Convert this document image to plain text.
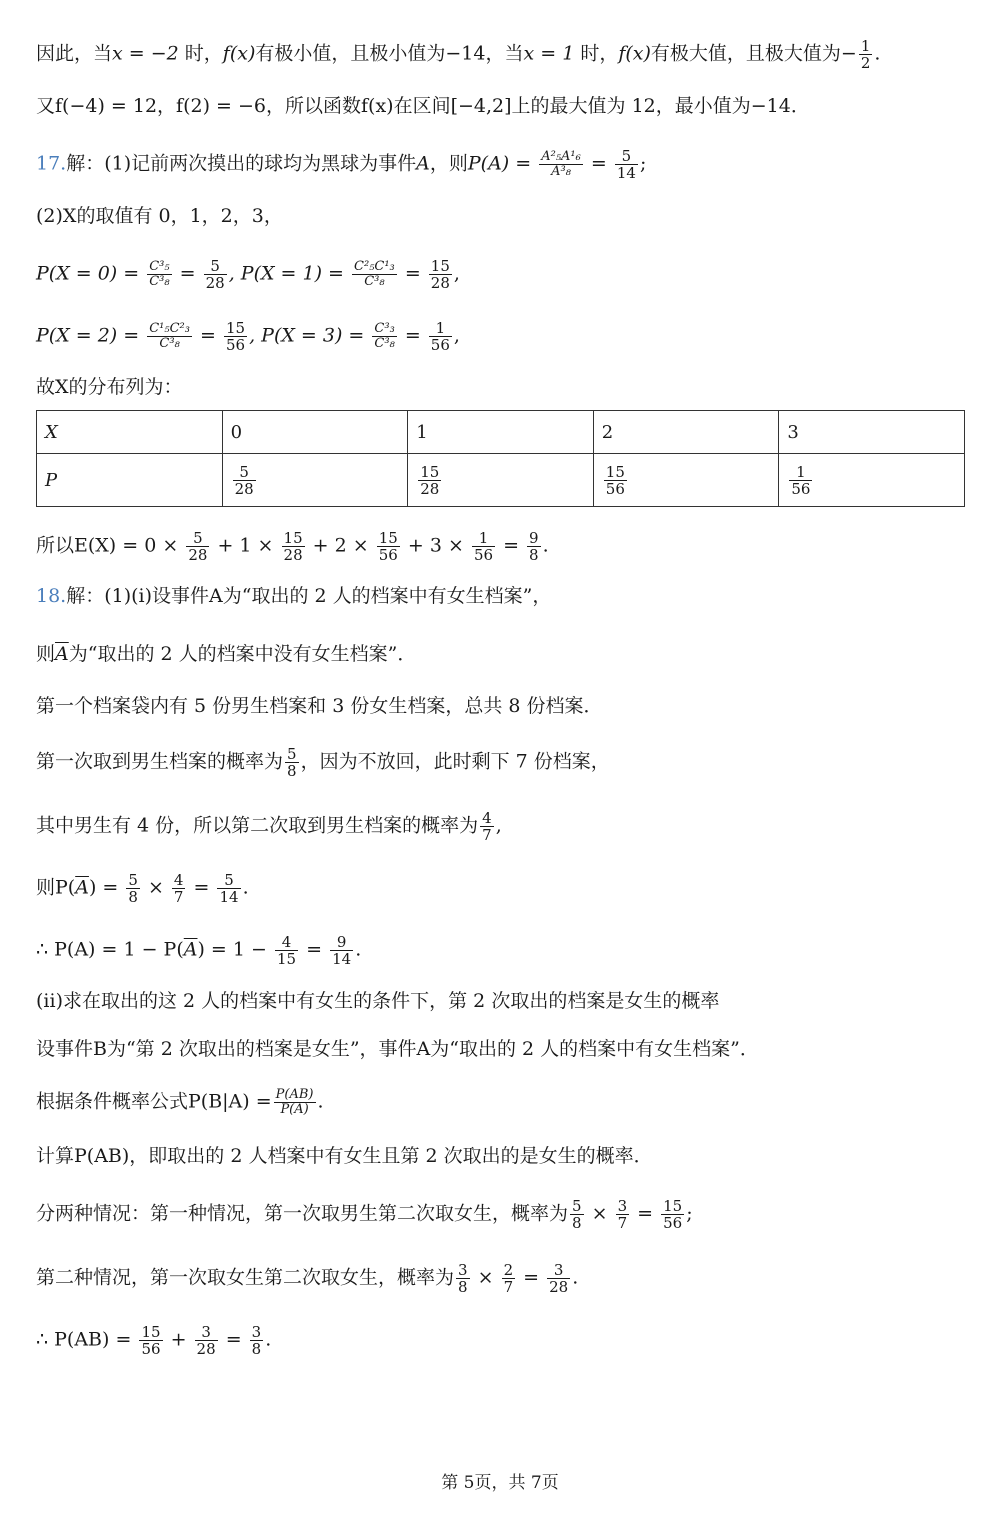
因此，当x = −2 时，f(x)有极小值，且极小值为−14，当x = 1 时，f(x)有极大值，且极大值为− $\frac{1}{2}$ .
又f(−4) = 12，f(2) = −6，所以函数f(x)在区间[−4,2]上的最大值为 12，最小值为−14．
17.解：(1)记前两次摸出的球均为黑球为事件A，则$P(A) = \frac{\text{A²₅A¹₆}}{\text{A³₈}} = \frac{5}{14}$ ;
(2)X的取值有 0，1，2，3，
$P(X = 0) = \frac{\text{C³₅}}{\text{C³₈}} = \frac{5}{28}$ , $P(X = 1) = \frac{\text{C²₅C¹₃}}{\text{C³₈}} = \frac{15}{28}$ ,
$P(X = 2) = \frac{\text{C¹₅C²₃}}{\text{C³₈}} = \frac{15}{56}$ , $P(X = 3) = \frac{\text{C³₃}}{\text{C³₈}} = \frac{1}{56}$ ,
故X的分布列为：
X	0	1	2	3
P	$\frac{5}{28}$	$\frac{15}{28}$	$\frac{15}{56}$	$\frac{1}{56}$
所以$E(X) = 0 \times \frac{5}{28} + 1 \times \frac{15}{28} + 2 \times \frac{15}{56} + 3 \times \frac{1}{56} = \frac{9}{8}$ .
18.解：(1)(i)设事件A为“取出的 2 人的档案中有女生档案”，
则$\overline{A}$为“取出的 2 人的档案中没有女生档案”．
第一个档案袋内有 5 份男生档案和 3 份女生档案，总共 8 份档案．
第一次取到男生档案的概率为 $\frac{5}{8}$ ，因为不放回，此时剩下 7 份档案，
其中男生有 4 份，所以第二次取到男生档案的概率为 $\frac{4}{7}$ ,
则$P(\overline{A}) = \frac{5}{8} \times \frac{4}{7} = \frac{5}{14}$ .
∴ $P(A) = 1 - P(\overline{A}) = 1 - \frac{4}{15} = \frac{9}{14}$ .
(ii)求在取出的这 2 人的档案中有女生的条件下，第 2 次取出的档案是女生的概率
设事件B为“第 2 次取出的档案是女生”，事件A为“取出的 2 人的档案中有女生档案”．
根据条件概率公式$P(B|A) = \frac{P(AB)}{P(A)}$ .
计算P(AB)，即取出的 2 人档案中有女生且第 2 次取出的是女生的概率．
分两种情况：第一种情况，第一次取男生第二次取女生，概率为 $\frac{5}{8} \times \frac{3}{7} = \frac{15}{56}$ ;
第二种情况，第一次取女生第二次取女生，概率为 $\frac{3}{8} \times \frac{2}{7} = \frac{3}{28}$ .
∴ $P(AB) = \frac{15}{56} + \frac{3}{28} = \frac{3}{8}$ .
第 5页，共 7页
